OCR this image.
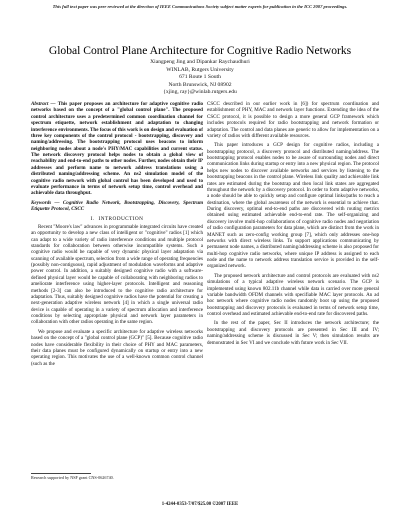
This full text paper was peer reviewed at the direction of IEEE Communications Society subject matter experts for publication in the ICC 2007 proceedings.
Global Control Plane Architecture for Cognitive Radio Networks
Xiangpeng Jing and Dipankar Raychaudhuri
WINLAB, Rutgers University
671 Route 1 South
North Brunswick, NJ 08902
{xjing, ray}@winlab.rutgers.edu

Abstract — This paper proposes an architecture for adaptive cognitive radio networks based on the concept of a "global control plane". The proposed control architecture uses a predetermined common coordination channel for spectrum etiquette, network establishment and adaptation to changing interference environments. The focus of this work is on design and evaluation of three key components of the control protocol - bootstrapping, discovery and naming/addressing. The bootstrapping protocol uses beacons to inform neighboring nodes about a node's PHY/MAC capabilities and current status. The network discovery protocol helps nodes to obtain a global view of reachability and end-to-end paths to other nodes. Further, nodes obtain their IP addresses and perform name to network address translations using a distributed naming/addressing scheme. An ns2 simulation model of the cognitive radio network with global control has been developed and used to evaluate performance in terms of network setup time, control overhead and achievable data throughput.

Keywords — Cognitive Radio Network, Bootstrapping, Discovery, Spectrum Etiquette Protocol, CSCC

I. INTRODUCTION

Recent "Moore's law" advances in programmable integrated circuits have created an opportunity to develop a new class of intelligent or "cognitive" radios [1] which can adapt to a wide variety of radio interference conditions and multiple protocol standards for collaboration between otherwise incompatible systems. Such a cognitive radio would be capable of very dynamic physical layer adaptation via scanning of available spectrum, selection from a wide range of operating frequencies (possibly non-contiguous), rapid adjustment of modulation waveforms and adaptive power control. In addition, a suitably designed cognitive radio with a software-defined physical layer would be capable of collaborating with neighboring radios to ameliorate interference using higher-layer protocols. Intelligent and reasoning methods [2-3] can also be introduced to the cognitive radio architecture for adaptation. Thus, suitably designed cognitive radios have the potential for creating a next-generation adaptive wireless network [4] in which a single universal radio device is capable of operating in a variety of spectrum allocation and interference conditions by selecting appropriate physical and network layer parameters in collaboration with other radios operating in the same region.

We propose and evaluate a specific architecture for adaptive wireless networks based on the concept of a "global control plane (GCP)" [5]. Because cognitive radio nodes have considerable flexibility in their choice of PHY and MAC parameters, their data planes must be configured dynamically on startup or entry into a new operating region. This motivates the use of a well-known common control channel (such as the

CSCC described in our earlier work in [6]) for spectrum coordination and establishment of PHY, MAC and network layer functions. Extending the idea of the CSCC protocol, it is possible to design a more general GCP framework which includes protocols required for radio bootstrapping and network formation or adaptation. The control and data planes are generic to allow for implementation on a variety of radios with different available resources.

This paper introduces a GCP design for cognitive radios, including a bootstrapping protocol, a discovery protocol and distributed naming/address. The bootstrapping protocol enables nodes to be aware of surrounding nodes and direct communication links during startup or entry into a new physical region. The protocol helps new nodes to discover available networks and services by listening to the bootstrapping beacons in the control plane. Wireless link quality and achievable link rates are estimated during the bootstrap and then local link states are aggregated throughout the network by a discovery protocol. In order to form adaptive networks, a node should be able to quickly setup and configure optimal links/paths to reach a destination, where the global awareness of the network is essential to achieve that. During discovery, optimal end-to-end paths are discovered with routing metrics obtained using estimated achievable end-to-end rate. The self-organizing and discovery involve multi-hop collaborations of cognitive radio nodes and negotiation of radio configuration parameters for data plane, which are distinct from the work in MANET such as zero-config working group [7], which only addresses one-hop networks with direct wireless links. To support applications communicating by permanent node names, a distributed naming/addressing scheme is also proposed for multi-hop cognitive radio networks, where unique IP address is assigned to each node and the name to network address translation service is provided in the self-organized network.

The proposed network architecture and control protocols are evaluated with ns2 simulations of a typical adaptive wireless network scenario. The GCP is implemented using known 802.11b channel while data is carried over more general variable bandwidth OFDM channels with specifiable MAC layer protocols. An ad hoc network where cognitive radio nodes randomly boot up using the proposed bootstrapping and discovery protocols is evaluated in terms of network setup time, control overhead and estimated achievable end-to-end rate for discovered paths.

In the rest of the paper, Sec II introduces the network architecture; the bootstrapping and discovery protocols are presented in Sec III and IV; naming/addressing scheme is discussed in Sec V; then simulation results are demonstrated in Sec VI and we conclude with future work in Sec VII.

Research supported by NSF grant CNS-0626740.
1-4244-0353-7/07/$25.00 ©2007 IEEE
